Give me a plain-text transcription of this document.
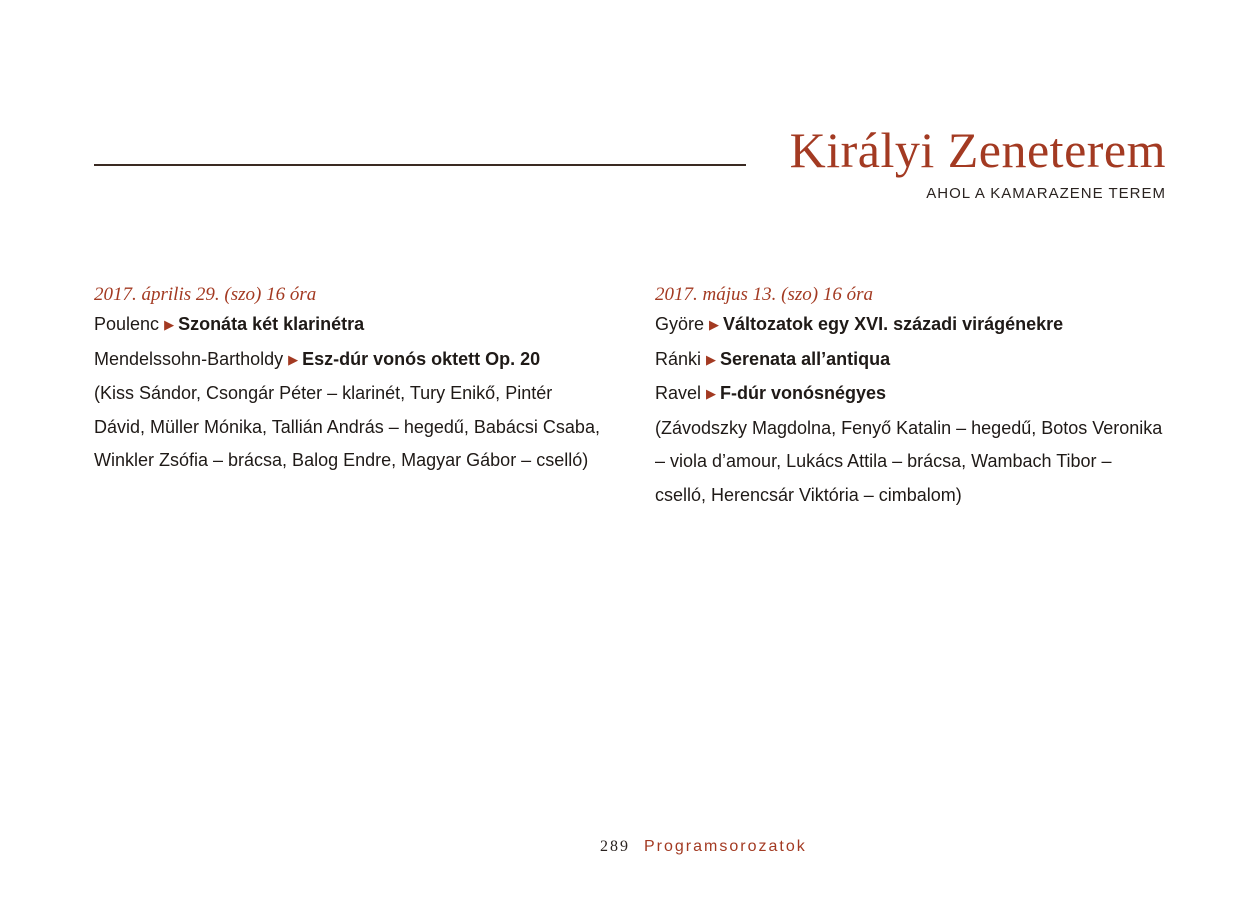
Királyi Zeneterem
AHOL A KAMARAZENE TEREM
2017. április 29. (szo) 16 óra
Poulenc ▶ Szonáta két klarinétra
Mendelssohn-Bartholdy ▶ Esz-dúr vonós oktett Op. 20
(Kiss Sándor, Csongár Péter – klarinét, Tury Enikő, Pintér Dávid, Müller Mónika, Tallián András – hegedű, Babácsi Csaba, Winkler Zsófia – brácsa, Balog Endre, Magyar Gábor – cselló)
2017. május 13. (szo) 16 óra
Györe ▶ Változatok egy XVI. századi virágénekre
Ránki ▶ Serenata all’antiqua
Ravel ▶ F-dúr vonósnégyes
(Závodszky Magdolna, Fenyő Katalin – hegedű, Botos Veronika – viola d’amour, Lukács Attila – brácsa, Wambach Tibor – cselló, Herencsár Viktória – cimbalom)
289 Programsorozatok
